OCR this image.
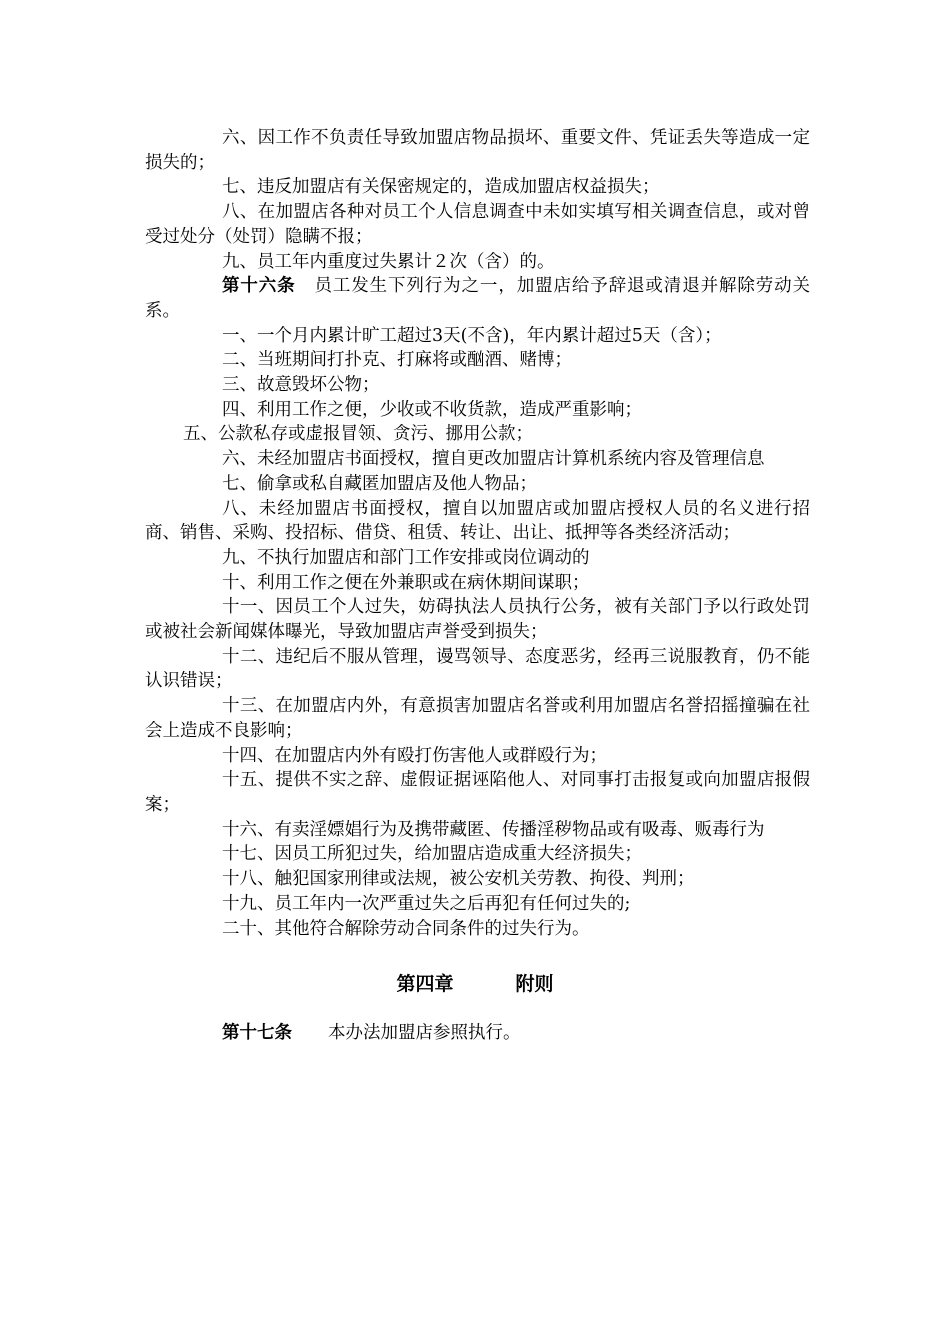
六、因工作不负责任导致加盟店物品损坏、重要文件、凭证丢失等造成一定损失的；

七、违反加盟店有关保密规定的，造成加盟店权益损失；

八、在加盟店各种对员工个人信息调查中未如实填写相关调查信息，或对曾受过处分（处罚）隐瞒不报；

九、员工年内重度过失累计２次（含）的。

第十六条 员工发生下列行为之一，加盟店给予辞退或清退并解除劳动关系。

一、一个月内累计旷工超过3天(不含)，年内累计超过5天（含）；

二、当班期间打扑克、打麻将或酗酒、赌博；

三、故意毁坏公物；

四、利用工作之便，少收或不收货款，造成严重影响；

五、公款私存或虚报冒领、贪污、挪用公款；

六、未经加盟店书面授权，擅自更改加盟店计算机系统内容及管理信息

七、偷拿或私自藏匿加盟店及他人物品；

八、未经加盟店书面授权，擅自以加盟店或加盟店授权人员的名义进行招商、销售、采购、投招标、借贷、租赁、转让、出让、抵押等各类经济活动；

九、不执行加盟店和部门工作安排或岗位调动的

十、利用工作之便在外兼职或在病休期间谋职；

十一、因员工个人过失，妨碍执法人员执行公务，被有关部门予以行政处罚或被社会新闻媒体曝光，导致加盟店声誉受到损失；

十二、违纪后不服从管理，谩骂领导、态度恶劣，经再三说服教育，仍不能认识错误；

十三、在加盟店内外，有意损害加盟店名誉或利用加盟店名誉招摇撞骗在社会上造成不良影响；

十四、在加盟店内外有殴打伤害他人或群殴行为；

十五、提供不实之辞、虚假证据诬陷他人、对同事打击报复或向加盟店报假案；

十六、有卖淫嫖娼行为及携带藏匿、传播淫秽物品或有吸毒、贩毒行为

十七、因员工所犯过失，给加盟店造成重大经济损失；

十八、触犯国家刑律或法规，被公安机关劳教、拘役、判刑；

十九、员工年内一次严重过失之后再犯有任何过失的;

二十、其他符合解除劳动合同条件的过失行为。

第四章	附则
第十七条 本办法加盟店参照执行。
